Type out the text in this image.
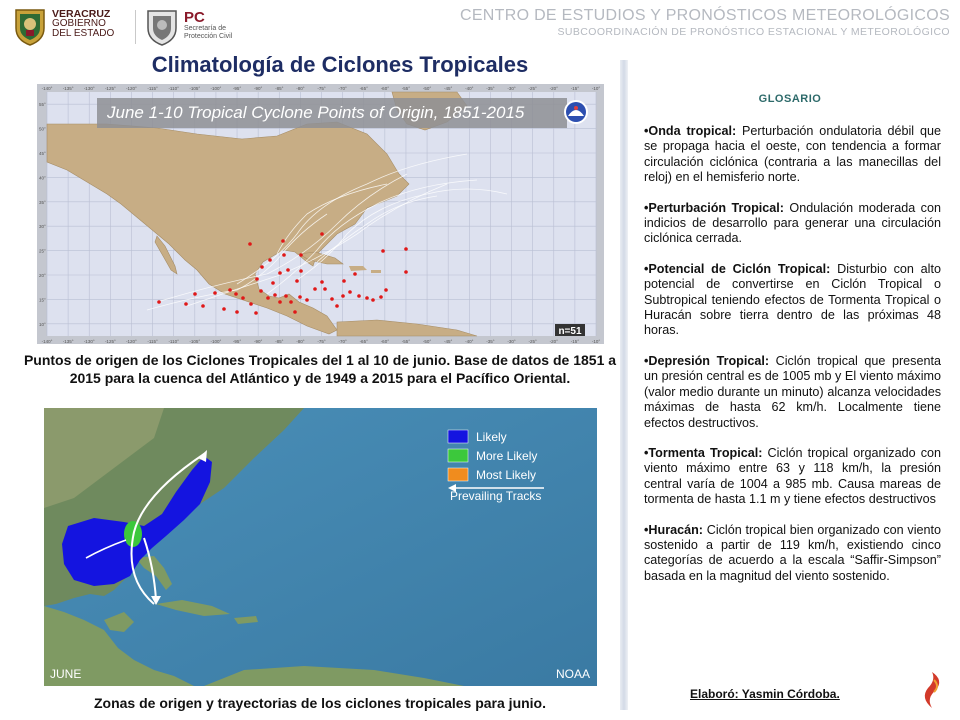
VERACRUZ
GOBIERNO
DEL ESTADO
PC
Secretaría de
Protección Civil
CENTRO DE ESTUDIOS Y PRONÓSTICOS METEOROLÓGICOS
SUBCOORDINACIÓN DE PRONÓSTICO ESTACIONAL Y METEOROLÓGICO
Climatología de Ciclones Tropicales
June 1-10 Tropical Cyclone Points of Origin, 1851-2015
-140°
-140°
-135°
-135°
-130°
-130°
-125°
-125°
-120°
-120°
-115°
-115°
-110°
-110°
-105°
-105°
-100°
-100°
-95°
-95°
-90°
-90°
-85°
-85°
-80°
-80°
-75°
-75°
-70°
-70°
-65°
-65°
-60°
-60°
-55°
-55°
-50°
-50°
-45°
-45°
-40°
-40°
-35°
-35°
-30°
-30°
-25°
-25°
-20°
-20°
-15°
-15°
-10°
-10°
55°
50°
45°
40°
35°
30°
25°
20°
15°
10°
n=51
Puntos de origen de los Ciclones Tropicales del 1 al 10 de junio. Base de datos de 1851 a 2015 para la cuenca del Atlántico y de 1949 a 2015 para el Pacífico Oriental.
Likely
More Likely
Most Likely
Prevailing Tracks
JUNE	NOAA
Zonas de origen y trayectorias de los ciclones tropicales para junio.
GLOSARIO
•Onda tropical: Perturbación ondulatoria débil que se propaga hacia el oeste, con tendencia a formar circulación ciclónica (contraria a las manecillas del reloj) en el hemisferio norte.
•Perturbación Tropical: Ondulación moderada con indicios de desarrollo para generar una circulación ciclónica cerrada.
•Potencial de Ciclón Tropical: Disturbio con alto potencial de convertirse en Ciclón Tropical o Subtropical teniendo efectos de Tormenta Tropical o Huracán sobre tierra dentro de las próximas 48 horas.
•Depresión Tropical: Ciclón tropical que presenta un presión central es de 1005 mb y El viento máximo (valor medio durante un minuto) alcanza velocidades máximas de hasta 62 km/h. Localmente tiene efectos destructivos.
•Tormenta Tropical: Ciclón tropical organizado con viento máximo entre 63 y 118 km/h, la presión central varía de 1004 a 985 mb. Causa mareas de tormenta de hasta 1.1 m y tiene efectos destructivos
•Huracán: Ciclón tropical bien organizado con viento sostenido a partir de 119 km/h, existiendo cinco categorías de acuerdo a la escala “Saffir-Simpson” basada en la magnitud del viento sostenido.
Elaboró: Yasmin Córdoba.
